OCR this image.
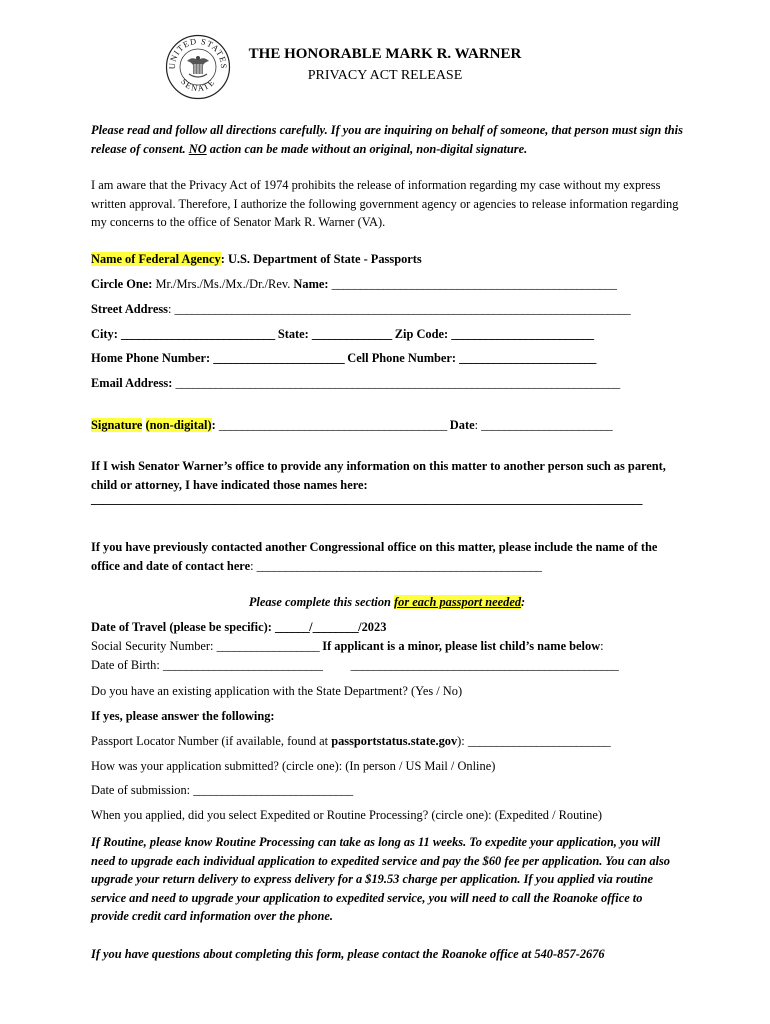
UNITED STATES
SENATE
THE HONORABLE MARK R. WARNER
PRIVACY ACT RELEASE
Please read and follow all directions carefully. If you are inquiring on behalf of someone, that person must sign this release of consent. NO action can be made without an original, non-digital signature.
I am aware that the Privacy Act of 1974 prohibits the release of information regarding my case without my express written approval. Therefore, I authorize the following government agency or agencies to release information regarding my concerns to the office of Senator Mark R. Warner (VA).
Name of Federal Agency: U.S. Department of State - Passports
Circle One: Mr./Mrs./Ms./Mx./Dr./Rev. Name: __________________________________________________
Street Address: ________________________________________________________________________________
City: ___________________________ State: ______________ Zip Code: _________________________
Home Phone Number: _______________________ Cell Phone Number: ________________________
Email Address: ______________________________________________________________________________
Signature (non-digital): ________________________________________ Date: _______________________
If I wish Senator Warner’s office to provide any information on this matter to another person such as parent, child or attorney, I have indicated those names here:
_________________________________________________________________________________________
If you have previously contacted another Congressional office on this matter, please include the name of the office and date of contact here: __________________________________________________
Please complete this section for each passport needed:
Date of Travel (please be specific): ______/________/2023
Social Security Number: __________________ If applicant is a minor, please list child’s name below:
Date of Birth: ____________________________ _______________________________________________
Do you have an existing application with the State Department? (Yes / No)
If yes, please answer the following:
Passport Locator Number (if available, found at passportstatus.state.gov): _________________________
How was your application submitted? (circle one): (In person / US Mail / Online)
Date of submission: ____________________________
When you applied, did you select Expedited or Routine Processing? (circle one): (Expedited / Routine)
If Routine, please know Routine Processing can take as long as 11 weeks. To expedite your application, you will need to upgrade each individual application to expedited service and pay the $60 fee per application. You can also upgrade your return delivery to express delivery for a $19.53 charge per application. If you applied via routine service and need to upgrade your application to expedited service, you will need to call the Roanoke office to provide credit card information over the phone.
If you have questions about completing this form, please contact the Roanoke office at 540-857-2676
